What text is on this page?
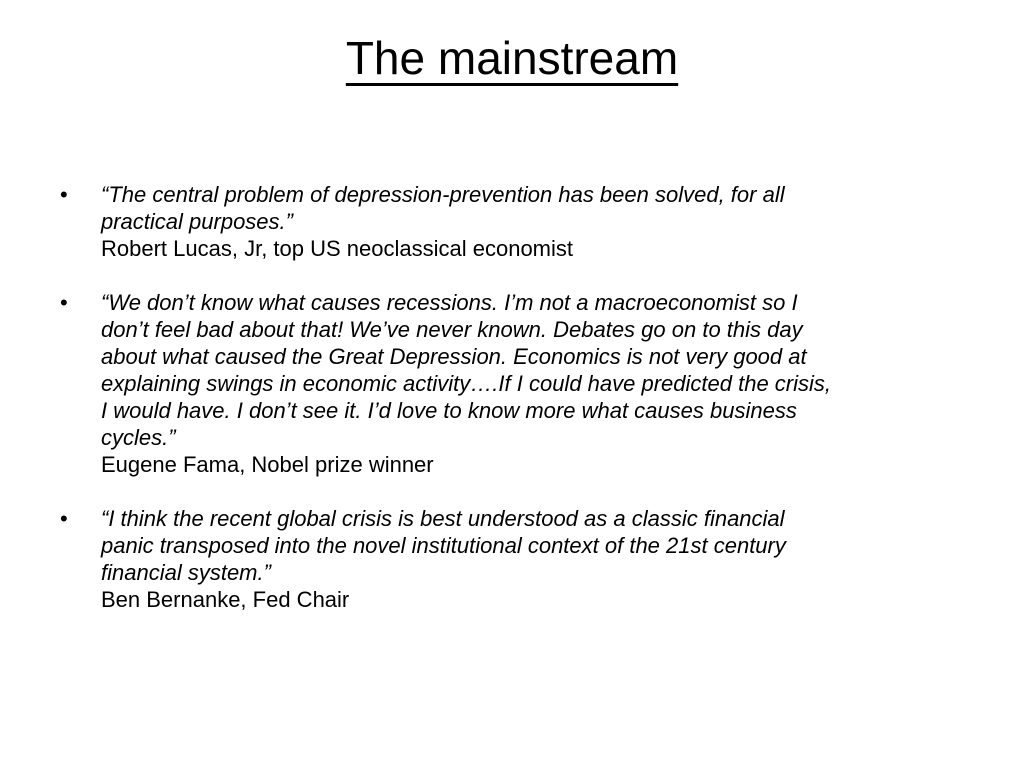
The mainstream
•	“The central problem of depression-prevention has been solved, for all
practical purposes.”
Robert Lucas, Jr, top US neoclassical economist
•	“We don’t know what causes recessions. I’m not a macroeconomist so I
don’t feel bad about that! We’ve never known. Debates go on to this day
about what caused the Great Depression. Economics is not very good at
explaining swings in economic activity….If I could have predicted the crisis,
I would have. I don’t see it. I’d love to know more what causes business
cycles.”
Eugene Fama, Nobel prize winner
•	“I think the recent global crisis is best understood as a classic financial
panic transposed into the novel institutional context of the 21st century
financial system.”
Ben Bernanke, Fed Chair
